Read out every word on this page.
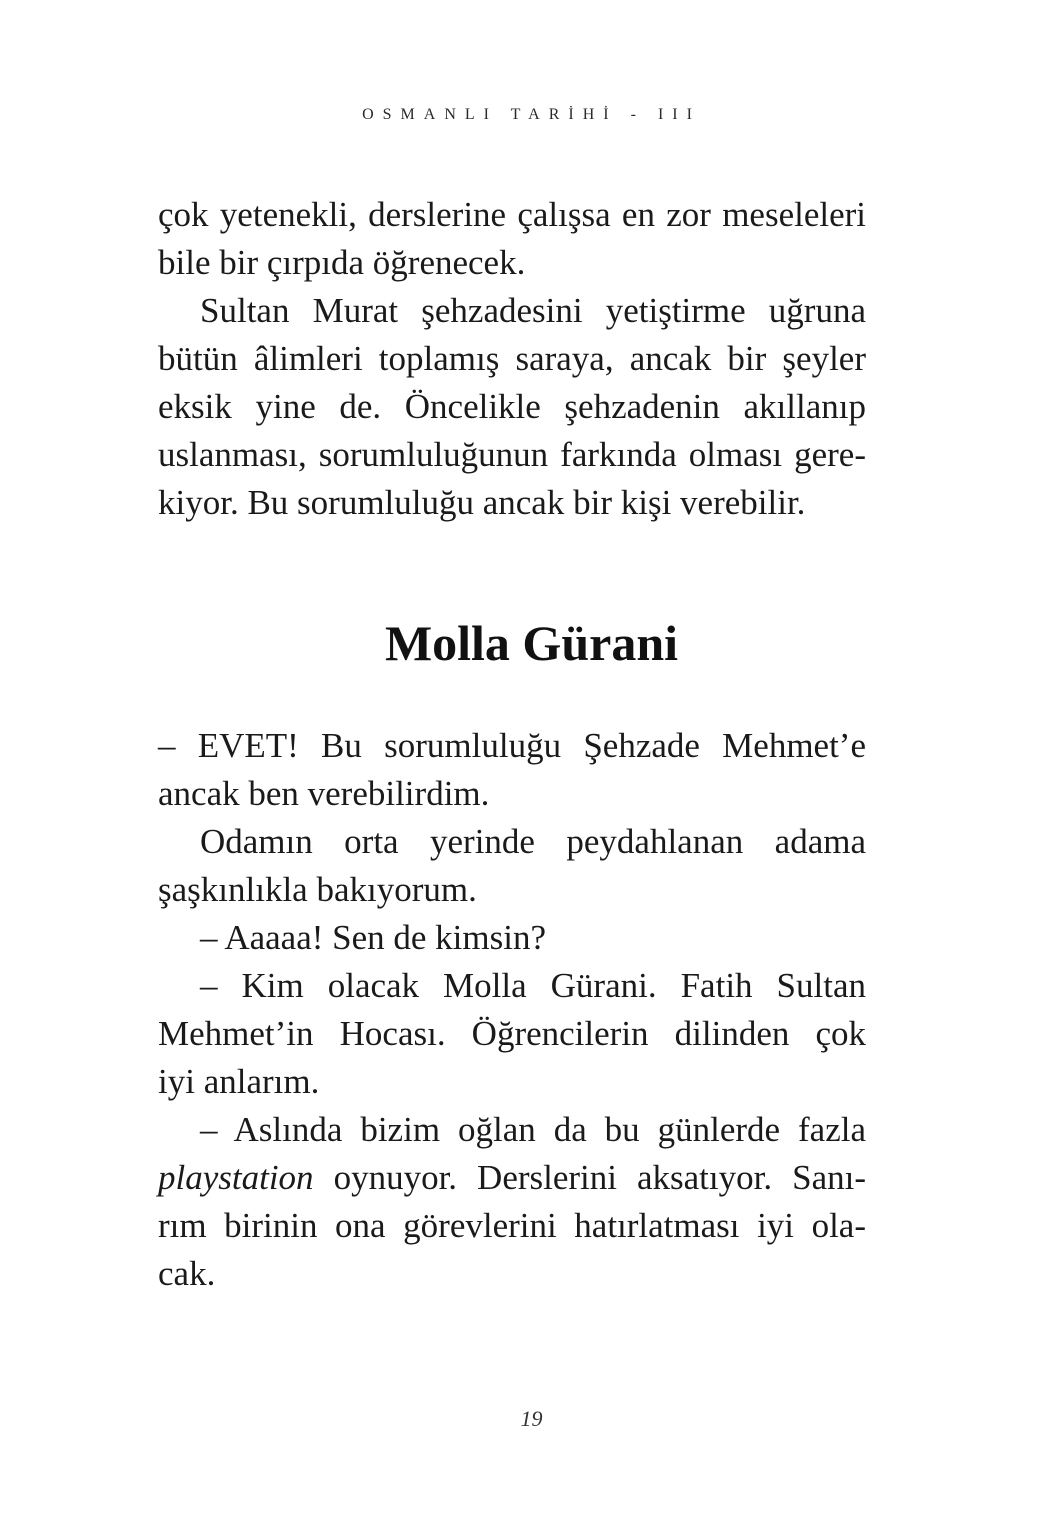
OSMANLI TARİHİ - III

çok yetenekli, derslerine çalışsa en zor meseleleri

bile bir çırpıda öğrenecek.

Sultan Murat şehzadesini yetiştirme uğruna

bütün âlimleri toplamış saraya, ancak bir şeyler

eksik yine de. Öncelikle şehzadenin akıllanıp

uslanması, sorumluluğunun farkında olması gere-

kiyor. Bu sorumluluğu ancak bir kişi verebilir.

Molla Gürani

– EVET! Bu sorumluluğu Şehzade Mehmet’e

ancak ben verebilirdim.

Odamın orta yerinde peydahlanan adama

şaşkınlıkla bakıyorum.

– Aaaaa! Sen de kimsin?

– Kim olacak Molla Gürani. Fatih Sultan

Mehmet’in Hocası. Öğrencilerin dilinden çok

iyi anlarım.

– Aslında bizim oğlan da bu günlerde fazla

playstation oynuyor. Derslerini aksatıyor. Sanı-

rım birinin ona görevlerini hatırlatması iyi ola-

cak.

19
